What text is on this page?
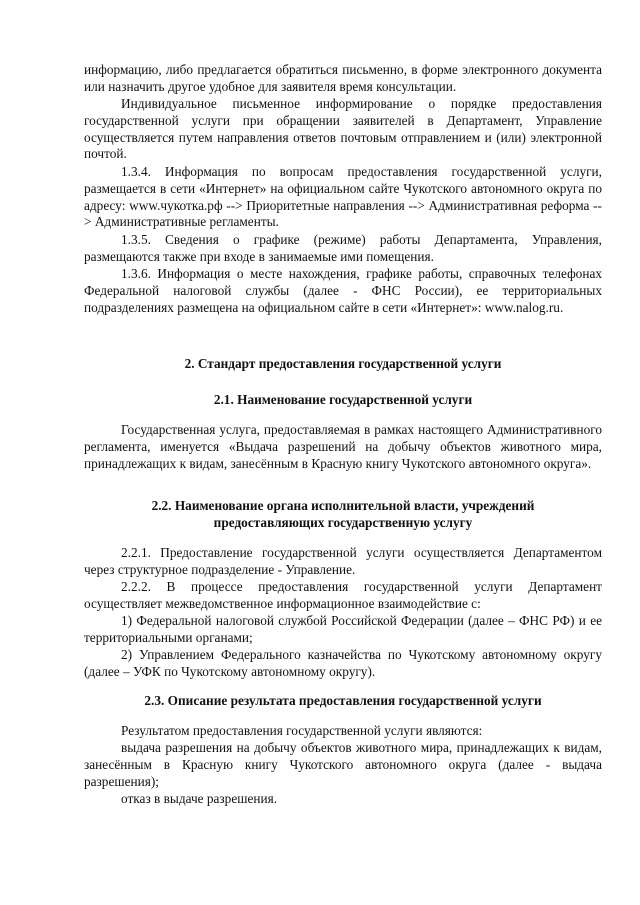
информацию, либо предлагается обратиться письменно, в форме электронного документа или назначить другое удобное для заявителя время консультации.

Индивидуальное письменное информирование о порядке предоставления государственной услуги при обращении заявителей в Департамент, Управление осуществляется путем направления ответов почтовым отправлением и (или) электронной почтой.

1.3.4. Информация по вопросам предоставления государственной услуги, размещается в сети «Интернет» на официальном сайте Чукотского автономного округа по адресу: www.чукотка.рф --> Приоритетные направления --> Административная реформа --> Административные регламенты.

1.3.5. Сведения о графике (режиме) работы Департамента, Управления, размещаются также при входе в занимаемые ими помещения.

1.3.6. Информация о месте нахождения, графике работы, справочных телефонах Федеральной налоговой службы (далее - ФНС России), ее территориальных подразделениях размещена на официальном сайте в сети «Интернет»: www.nalog.ru.

2. Стандарт предоставления государственной услуги

2.1. Наименование государственной услуги

Государственная услуга, предоставляемая в рамках настоящего Административного регламента, именуется «Выдача разрешений на добычу объектов животного мира, принадлежащих к видам, занесённым в Красную книгу Чукотского автономного округа».

2.2. Наименование органа исполнительной власти, учреждений предоставляющих государственную услугу

2.2.1. Предоставление государственной услуги осуществляется Департаментом через структурное подразделение - Управление.

2.2.2. В процессе предоставления государственной услуги Департамент осуществляет межведомственное информационное взаимодействие с:

1) Федеральной налоговой службой Российской Федерации (далее – ФНС РФ) и ее территориальными органами;

2) Управлением Федерального казначейства по Чукотскому автономному округу (далее – УФК по Чукотскому автономному округу).

2.3. Описание результата предоставления государственной услуги

Результатом предоставления государственной услуги являются:

выдача разрешения на добычу объектов животного мира, принадлежащих к видам, занесённым в Красную книгу Чукотского автономного округа (далее - выдача разрешения);

отказ в выдаче разрешения.
